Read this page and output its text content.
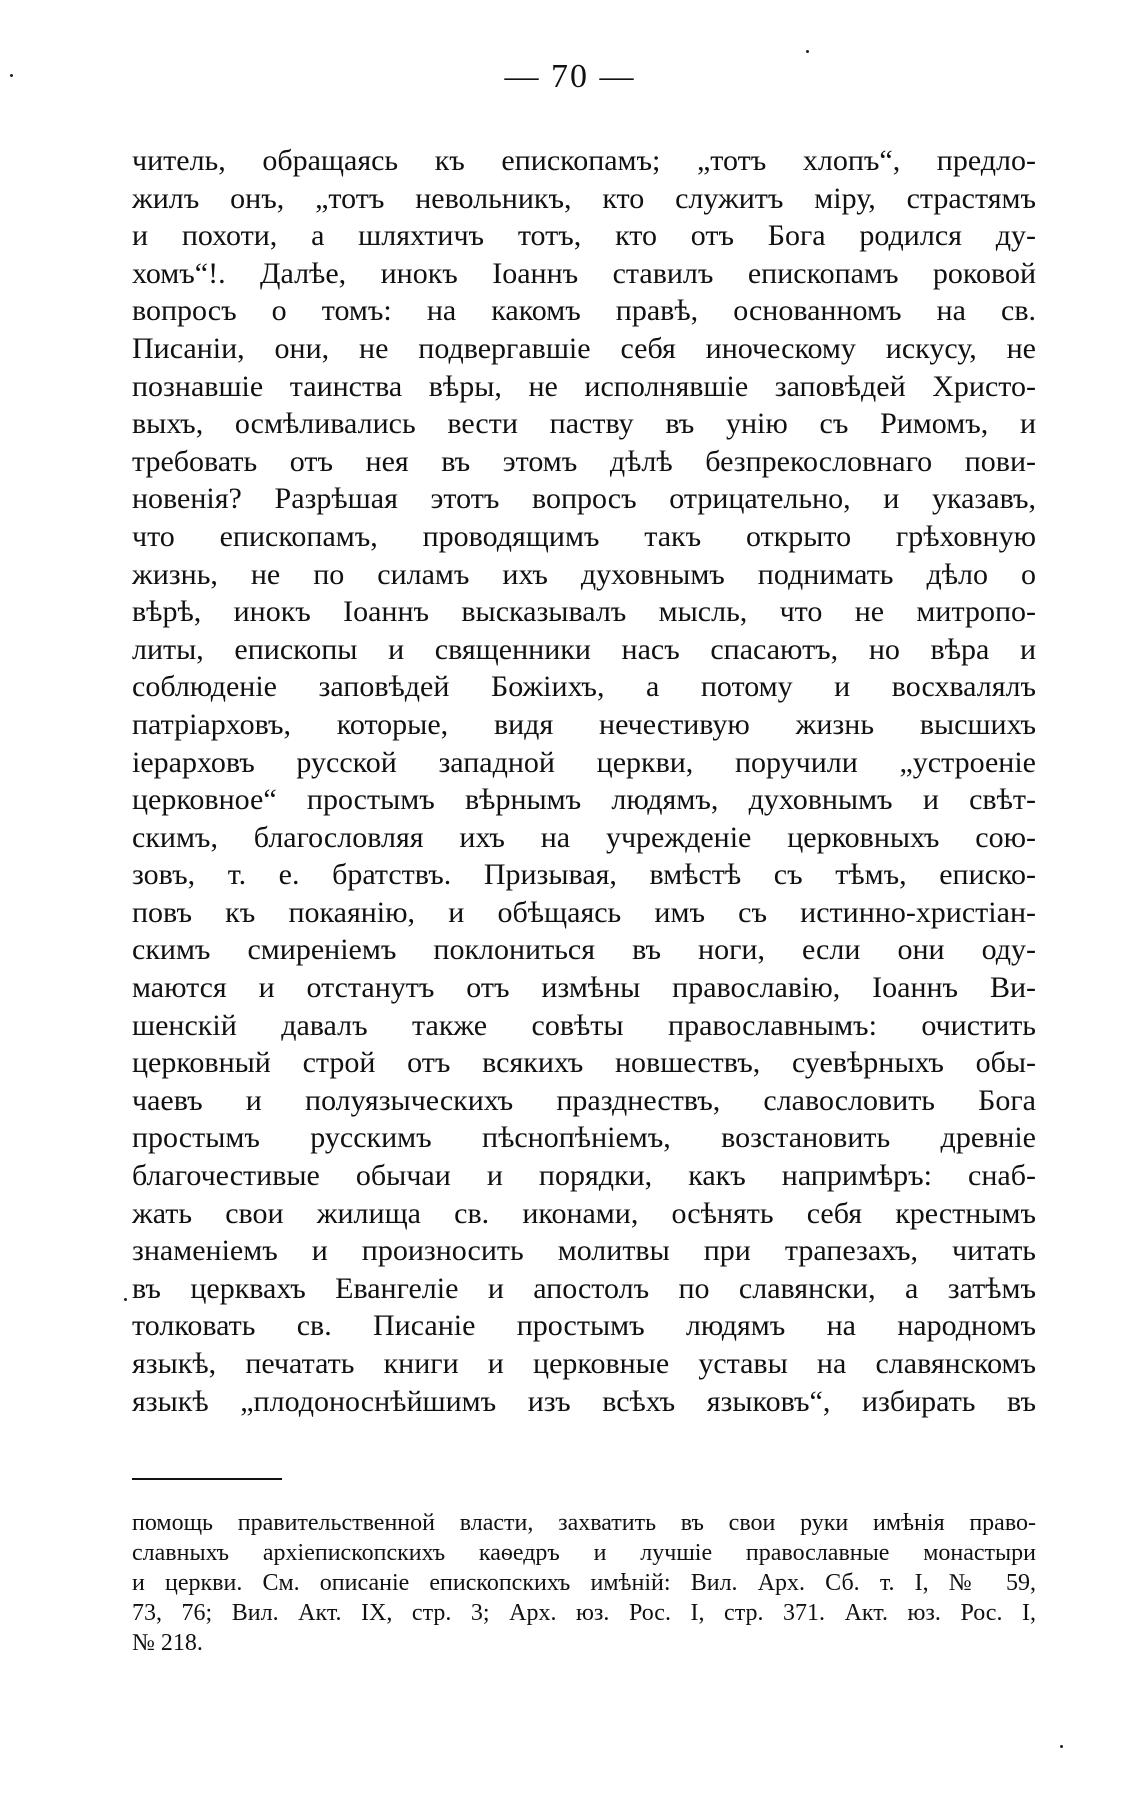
— 70 —
читель, обращаясь къ епископамъ; „тотъ хлопъ“, предло-
жилъ онъ, „тотъ невольникъ, кто служитъ міру, страстямъ
и похоти, а шляхтичъ тотъ, кто отъ Бога родился ду-
хомъ“!. Далѣе, инокъ Іоаннъ ставилъ епископамъ роковой
вопросъ о томъ: на какомъ правѣ, основанномъ на св.
Писаніи, они, не подвергавшіе себя иноческому искусу, не
познавшіе таинства вѣры, не исполнявшіе заповѣдей Христо-
выхъ, осмѣливались вести паству въ унію съ Римомъ, и
требовать отъ нея въ этомъ дѣлѣ безпрекословнаго пови-
новенія? Разрѣшая этотъ вопросъ отрицательно, и указавъ,
что епископамъ, проводящимъ такъ открыто грѣховную
жизнь, не по силамъ ихъ духовнымъ поднимать дѣло о
вѣрѣ, инокъ Іоаннъ высказывалъ мысль, что не митропо-
литы, епископы и священники насъ спасаютъ, но вѣра и
соблюденіе заповѣдей Божіихъ, а потому и восхвалялъ
патріарховъ, которые, видя нечестивую жизнь высшихъ
іерарховъ русской западной церкви, поручили „устроеніе
церковное“ простымъ вѣрнымъ людямъ, духовнымъ и свѣт-
скимъ, благословляя ихъ на учрежденіе церковныхъ сою-
зовъ, т. е. братствъ. Призывая, вмѣстѣ съ тѣмъ, еписко-
повъ къ покаянію, и обѣщаясь имъ съ истинно-христіан-
скимъ смиреніемъ поклониться въ ноги, если они оду-
маются и отстанутъ отъ измѣны православію, Іоаннъ Ви-
шенскій давалъ также совѣты православнымъ: очистить
церковный строй отъ всякихъ новшествъ, суевѣрныхъ обы-
чаевъ и полуязыческихъ празднествъ, славословить Бога
простымъ русскимъ пѣснопѣніемъ, возстановить древніе
благочестивые обычаи и порядки, какъ напримѣръ: снаб-
жать свои жилища св. иконами, осѣнять себя крестнымъ
знаменіемъ и произносить молитвы при трапезахъ, читать
въ церквахъ Евангеліе и апостолъ по славянски, а затѣмъ
толковать св. Писаніе простымъ людямъ на народномъ
языкѣ, печатать книги и церковные уставы на славянскомъ
языкѣ „плодоноснѣйшимъ изъ всѣхъ языковъ“, избирать въ
помощь правительственной власти, захватить въ свои руки имѣнія право-
славныхъ архіепископскихъ каѳедръ и лучшіе православные монастыри
и церкви. См. описаніе епископскихъ имѣній: Вил. Арх. Сб. т. I, № 59,
73, 76; Вил. Акт. IX, стр. 3; Арх. юз. Рос. I, стр. 371. Акт. юз. Рос. I,
№ 218.
